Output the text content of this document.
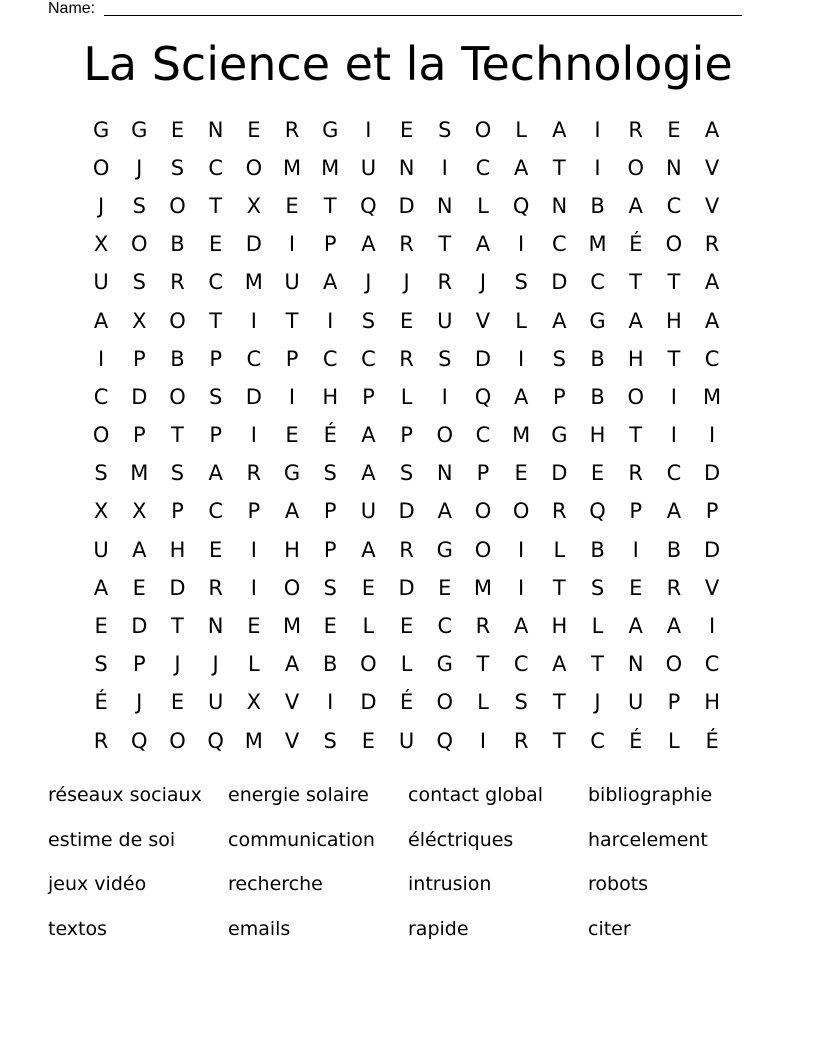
Name:
La Science et la Technologie
G	G	E	N	E	R	G	I	E	S	O	L	A	I	R	E	A
O	J	S	C	O M M	U	N	I	C	A	T	I	O	N	V
J	S	O	T	X	E	T	Q	D	N	L	Q	N	B	A	C	V
X	O	B	E	D	I	P	A	R	T	A	I	C	M	É	O	R
U	S	R	C	M	U	A	J	J	R	J	S	D	C	T	T	A
A	X	O	T	I	T	I	S	E	U	V	L	A	G	A	H	A
I	P	B	P	C	P	C	C	R	S	D	I	S	B	H	T	C
C	D	O	S	D	I	H	P	L	I	Q	A	P	B	O	I	M
O	P	T	P	I	E	É	A	P	O	C	M G	H	T	I	I
S	M	S	A	R	G	S	A	S	N	P	E	D	E	R	C	D
X	X	P	C	P	A	P	U	D	A	O	O	R	Q	P	A	P
U	A	H	E	I	H	P	A	R	G	O	I	L	B	I	B	D
A	E	D	R	I	O	S	E	D	E	M	I	T	S	E	R	V
E	D	T	N	E	M	E	L	E	C	R	A	H	L	A	A	I
S	P	J	J	L	A	B	O	L	G	T	C	A	T	N	O	C
É	J	E	U	X	V	I	D	É	O	L	S	T	J	U	P	H
R	Q	O	Q M	V	S	E	U	Q	I	R	T	C	É	L	É
réseaux sociaux	energie solaire	contact global	bibliographie
estime de soi	communication	éléctriques	harcelement
jeux vidéo	recherche	intrusion	robots
textos	emails	rapide	citer
